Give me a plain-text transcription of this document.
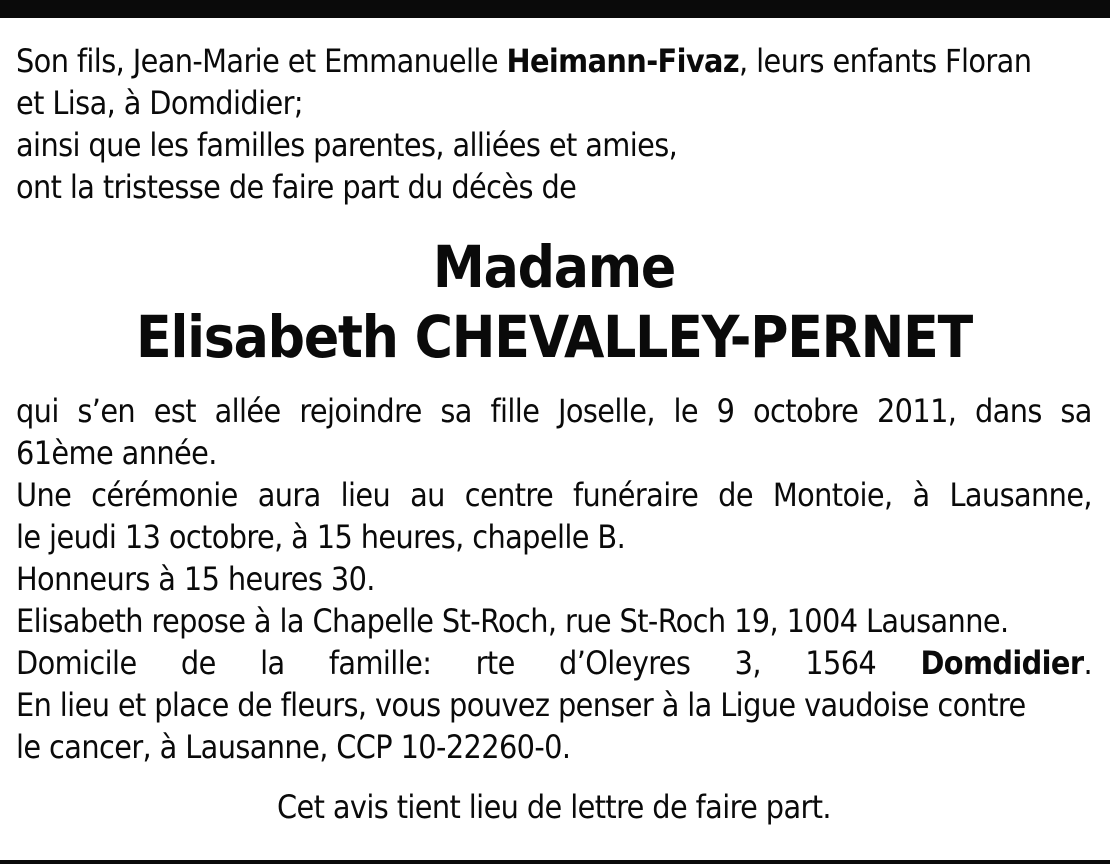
Son fils, Jean-Marie et Emmanuelle Heimann-Fivaz, leurs enfants Floran
et Lisa, à Domdidier;
ainsi que les familles parentes, alliées et amies,
ont la tristesse de faire part du décès de
Madame
Elisabeth CHEVALLEY-PERNET
qui s’en est allée rejoindre sa fille Joselle, le 9 octobre 2011, dans sa
61ème année.
Une cérémonie aura lieu au centre funéraire de Montoie, à Lausanne,
le jeudi 13 octobre, à 15 heures, chapelle B.
Honneurs à 15 heures 30.
Elisabeth repose à la Chapelle St-Roch, rue St-Roch 19, 1004 Lausanne.
Domicile de la famille: rte d’Oleyres 3, 1564 Domdidier.
En lieu et place de fleurs, vous pouvez penser à la Ligue vaudoise contre
le cancer, à Lausanne, CCP 10-22260-0.
Cet avis tient lieu de lettre de faire part.
